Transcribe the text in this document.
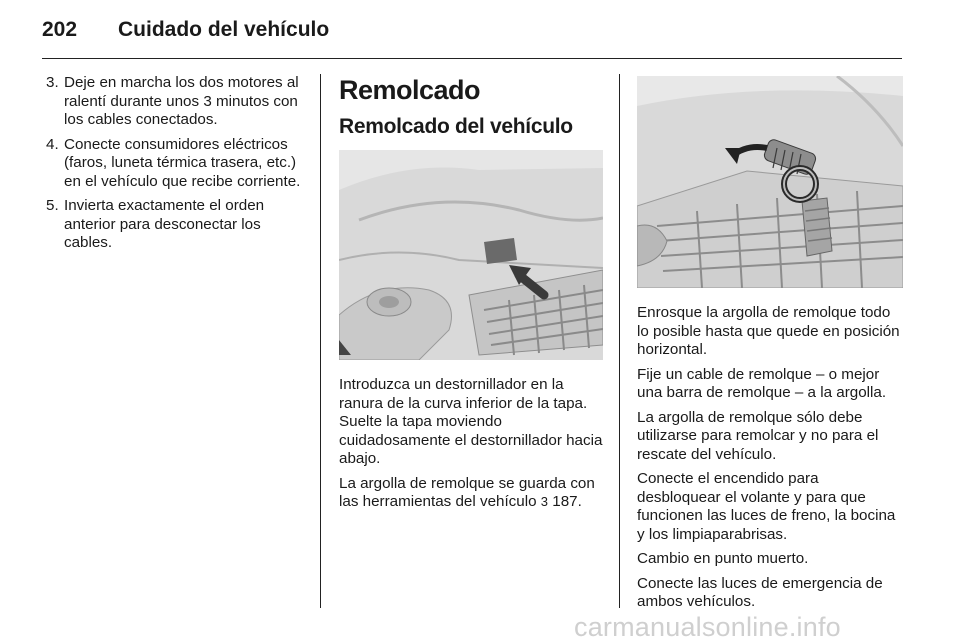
202 Cuidado del vehículo
3. Deje en marcha los dos motores al ralentí durante unos 3 minutos con los cables conectados.
4. Conecte consumidores eléctricos (faros, luneta térmica trasera, etc.) en el vehículo que recibe corriente.
5. Invierta exactamente el orden anterior para desconectar los cables.
Remolcado
Remolcado del vehículo

Introduzca un destornillador en la ranura de la curva inferior de la tapa. Suelte la tapa moviendo cuidadosamente el destornillador hacia abajo.

La argolla de remolque se guarda con las herramientas del vehículo 3 187.

Enrosque la argolla de remolque todo lo posible hasta que quede en posición horizontal.

Fije un cable de remolque – o mejor una barra de remolque – a la argolla.

La argolla de remolque sólo debe utilizarse para remolcar y no para el rescate del vehículo.

Conecte el encendido para desbloquear el volante y para que funcionen las luces de freno, la bocina y los limpiaparabrisas.

Cambio en punto muerto.

Conecte las luces de emergencia de ambos vehículos.

carmanualsonline.info
